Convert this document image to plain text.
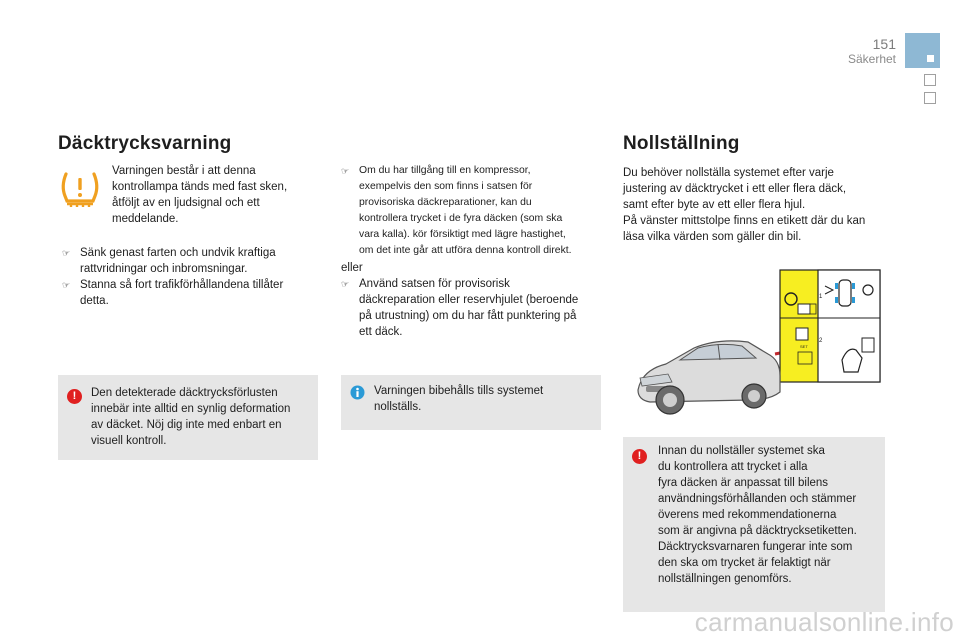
151
Säkerhet
Däcktrycksvarning
Varningen består i att denna
kontrollampa tänds med fast sken,
åtföljt av en ljudsignal och ett
meddelande.
☞ Sänk genast farten och undvik kraftiga
rattvridningar och inbromsningar.
☞ Stanna så fort trafikförhållandena tillåter
detta.
!	Den detekterade däcktrycksförlusten
innebär inte alltid en synlig deformation
av däcket. Nöj dig inte med enbart en
visuell kontroll.
☞ Om du har tillgång till en kompressor,
exempelvis den som finns i satsen för
provisoriska däckreparationer, kan du
kontrollera trycket i de fyra däcken (som ska
vara kalla). kör försiktigt med lägre hastighet,
om det inte går att utföra denna kontroll direkt.
eller
☞ Använd satsen för provisorisk
däckreparation eller reservhjulet (beroende
på utrustning) om du har fått punktering på
ett däck.
Varningen bibehålls tills systemet
nollställs.
Nollställning
Du behöver nollställa systemet efter varje
justering av däcktrycket i ett eller flera däck,
samt efter byte av ett eller flera hjul.
På vänster mittstolpe finns en etikett där du kan
läsa vilka värden som gäller din bil.
SET
1
2
!	Innan du nollställer systemet ska
du kontrollera att trycket i alla
fyra däcken är anpassat till bilens
användningsförhållanden och stämmer
överens med rekommendationerna
som är angivna på däcktrycksetiketten.
Däcktrycksvarnaren fungerar inte som
den ska om trycket är felaktigt när
nollställningen genomförs.
carmanualsonline.info
